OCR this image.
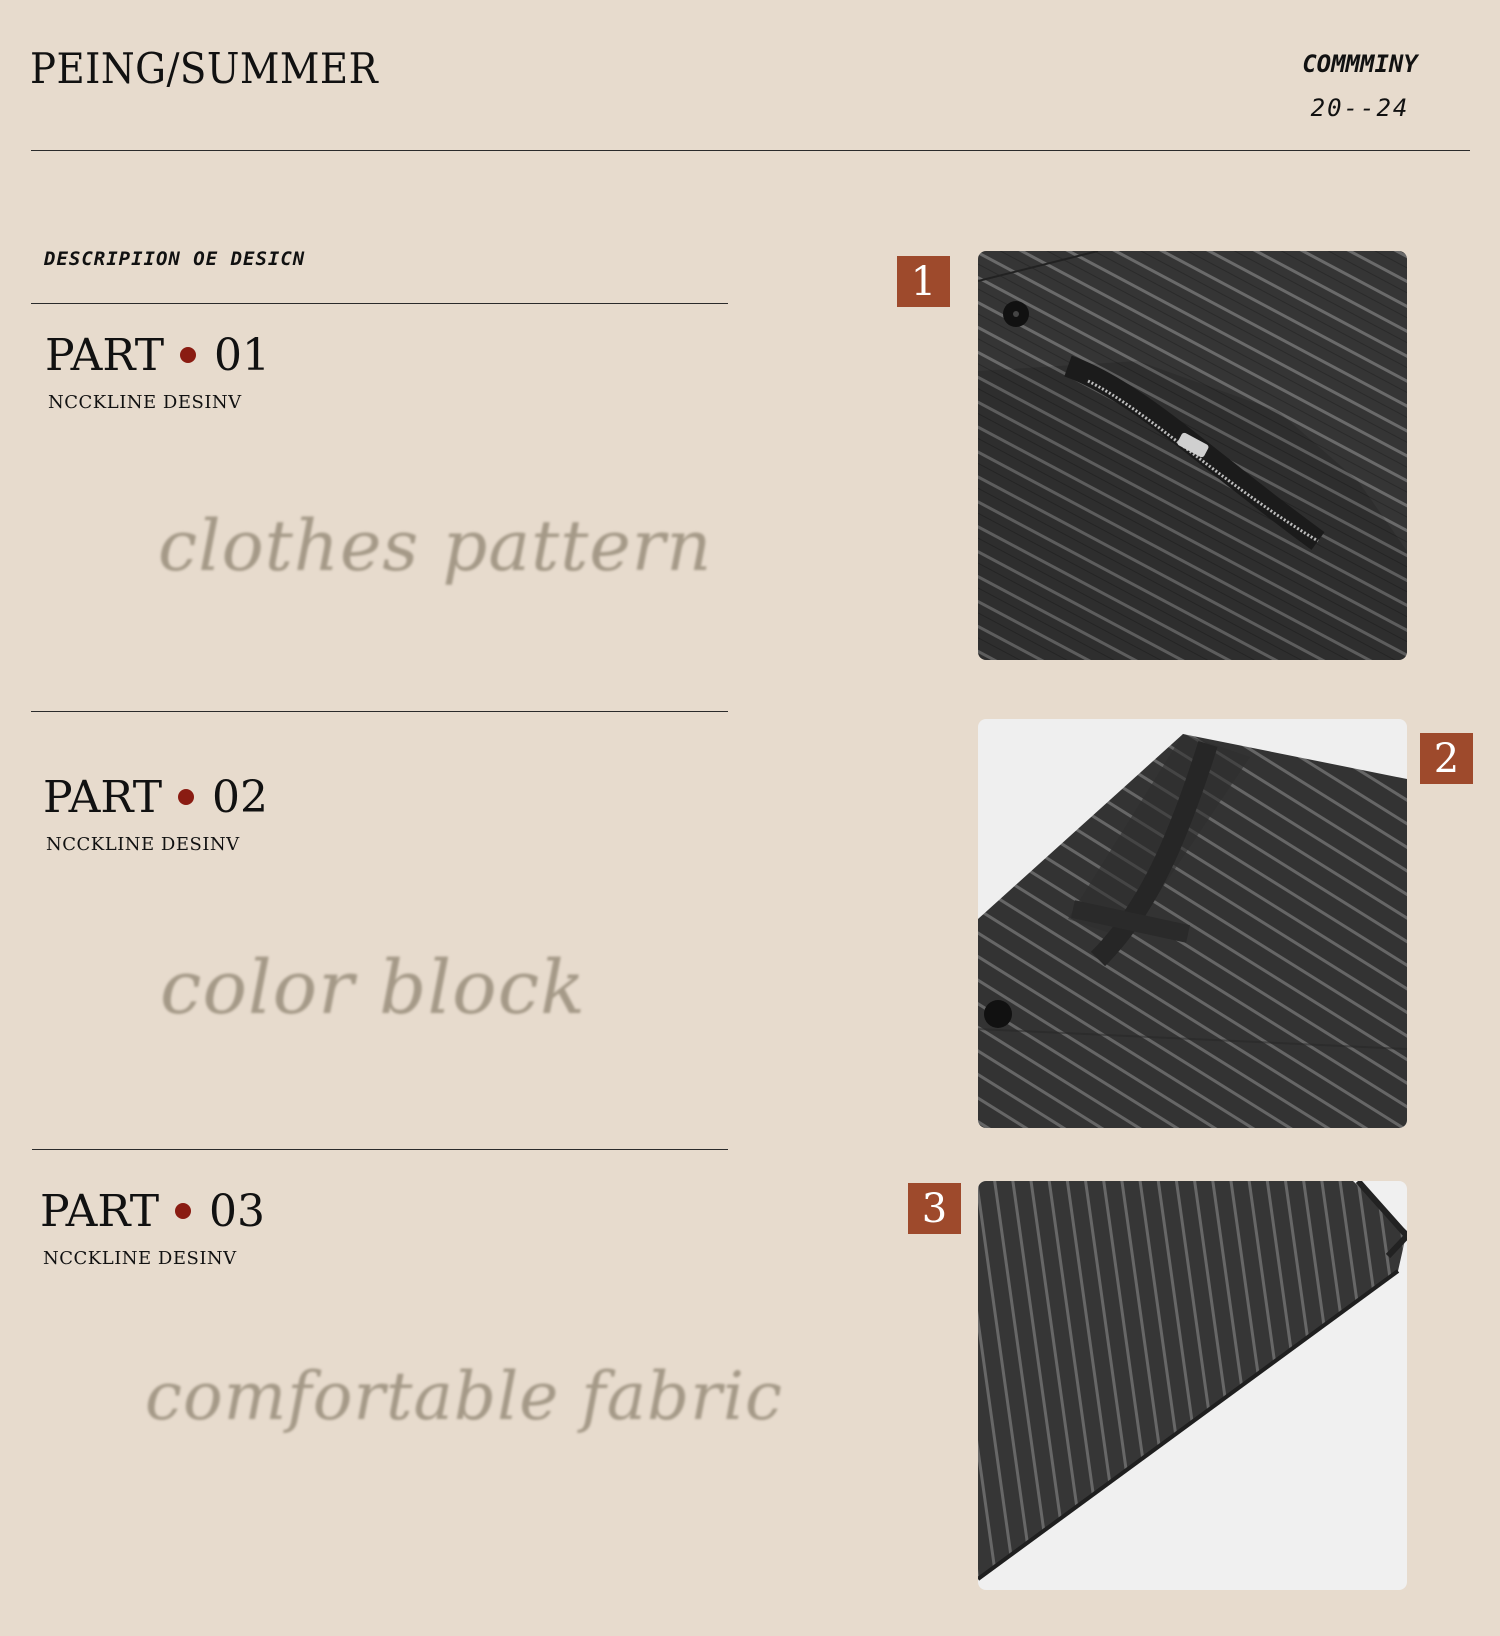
PEING/SUMMER	COMMMINY
20--24
DESCRIPIION OE DESICN
PART 01
NCCKLINE DESINV
clothes pattern
PART 02
NCCKLINE DESINV
color block
PART 03
NCCKLINE DESINV
comfortable fabric
1
2
3
